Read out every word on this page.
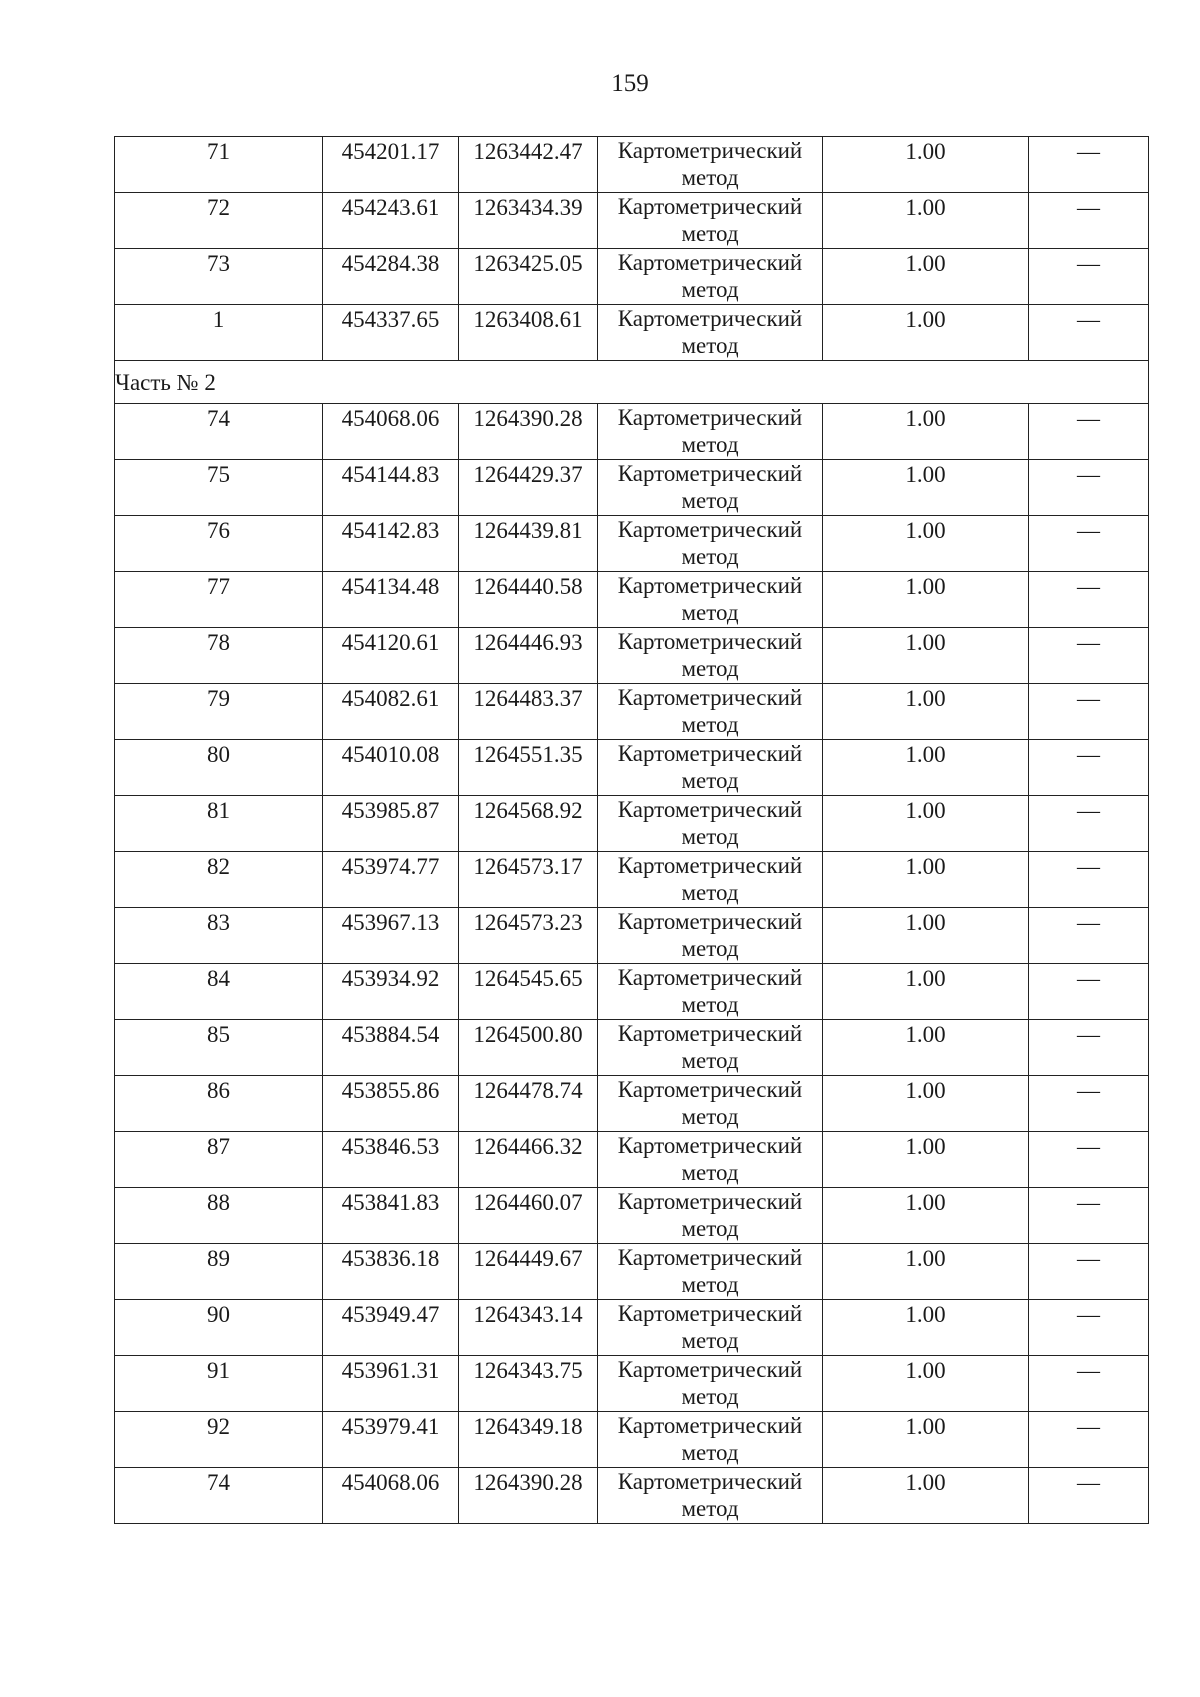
159
71	454201.17	1263442.47	Картометрический
метод	1.00	—

72	454243.61	1263434.39	Картометрический
метод	1.00	—

73	454284.38	1263425.05	Картометрический
метод	1.00	—

1	454337.65	1263408.61	Картометрический
метод	1.00	—

Часть № 2					

74	454068.06	1264390.28	Картометрический
метод	1.00	—

75	454144.83	1264429.37	Картометрический
метод	1.00	—

76	454142.83	1264439.81	Картометрический
метод	1.00	—

77	454134.48	1264440.58	Картометрический
метод	1.00	—

78	454120.61	1264446.93	Картометрический
метод	1.00	—

79	454082.61	1264483.37	Картометрический
метод	1.00	—

80	454010.08	1264551.35	Картометрический
метод	1.00	—

81	453985.87	1264568.92	Картометрический
метод	1.00	—

82	453974.77	1264573.17	Картометрический
метод	1.00	—

83	453967.13	1264573.23	Картометрический
метод	1.00	—

84	453934.92	1264545.65	Картометрический
метод	1.00	—

85	453884.54	1264500.80	Картометрический
метод	1.00	—

86	453855.86	1264478.74	Картометрический
метод	1.00	—

87	453846.53	1264466.32	Картометрический
метод	1.00	—

88	453841.83	1264460.07	Картометрический
метод	1.00	—

89	453836.18	1264449.67	Картометрический
метод	1.00	—

90	453949.47	1264343.14	Картометрический
метод	1.00	—

91	453961.31	1264343.75	Картометрический
метод	1.00	—

92	453979.41	1264349.18	Картометрический
метод	1.00	—

74	454068.06	1264390.28	Картометрический
метод	1.00	—
